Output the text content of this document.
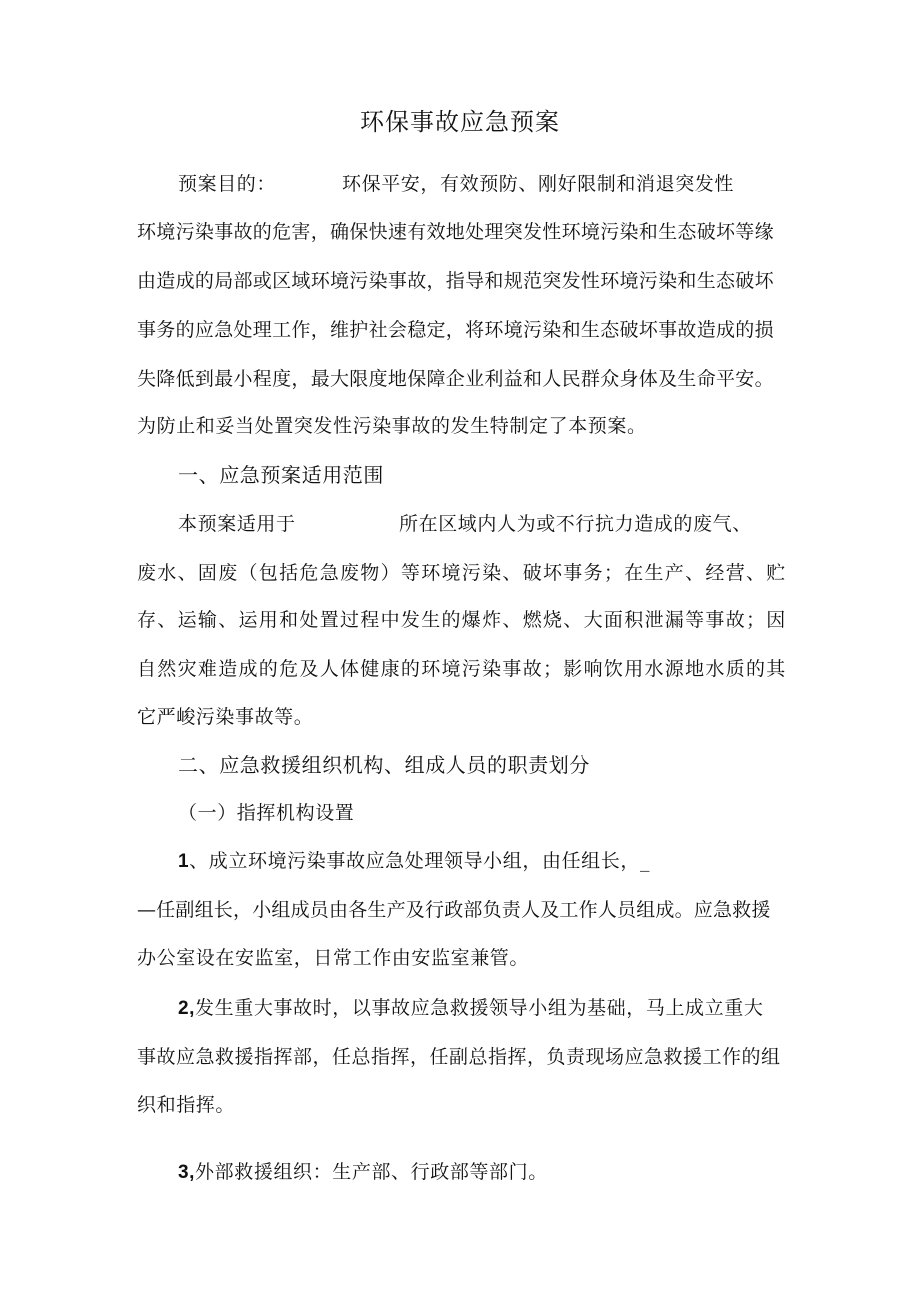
环保事故应急预案
预案目的：	环保平安，有效预防、刚好限制和消退突发性
环境污染事故的危害，确保快速有效地处理突发性环境污染和生态破坏等缘
由造成的局部或区域环境污染事故，指导和规范突发性环境污染和生态破坏
事务的应急处理工作，维护社会稳定，将环境污染和生态破坏事故造成的损
失降低到最小程度，最大限度地保障企业利益和人民群众身体及生命平安。
为防止和妥当处置突发性污染事故的发生特制定了本预案。
一、应急预案适用范围
本预案适用于	所在区域内人为或不行抗力造成的废气、
废水、固废（包括危急废物）等环境污染、破坏事务；在生产、经营、贮
存、运输、运用和处置过程中发生的爆炸、燃烧、大面积泄漏等事故；因
自然灾难造成的危及人体健康的环境污染事故；影响饮用水源地水质的其
它严峻污染事故等。
二、应急救援组织机构、组成人员的职责划分
（一）指挥机构设置
1、成立环境污染事故应急处理领导小组，由任组长，_
—任副组长，小组成员由各生产及行政部负责人及工作人员组成。应急救援
办公室设在安监室，日常工作由安监室兼管。
2,发生重大事故时，以事故应急救援领导小组为基础，马上成立重大
事故应急救援指挥部，任总指挥，任副总指挥，负责现场应急救援工作的组
织和指挥。
3,外部救援组织：生产部、行政部等部门。
